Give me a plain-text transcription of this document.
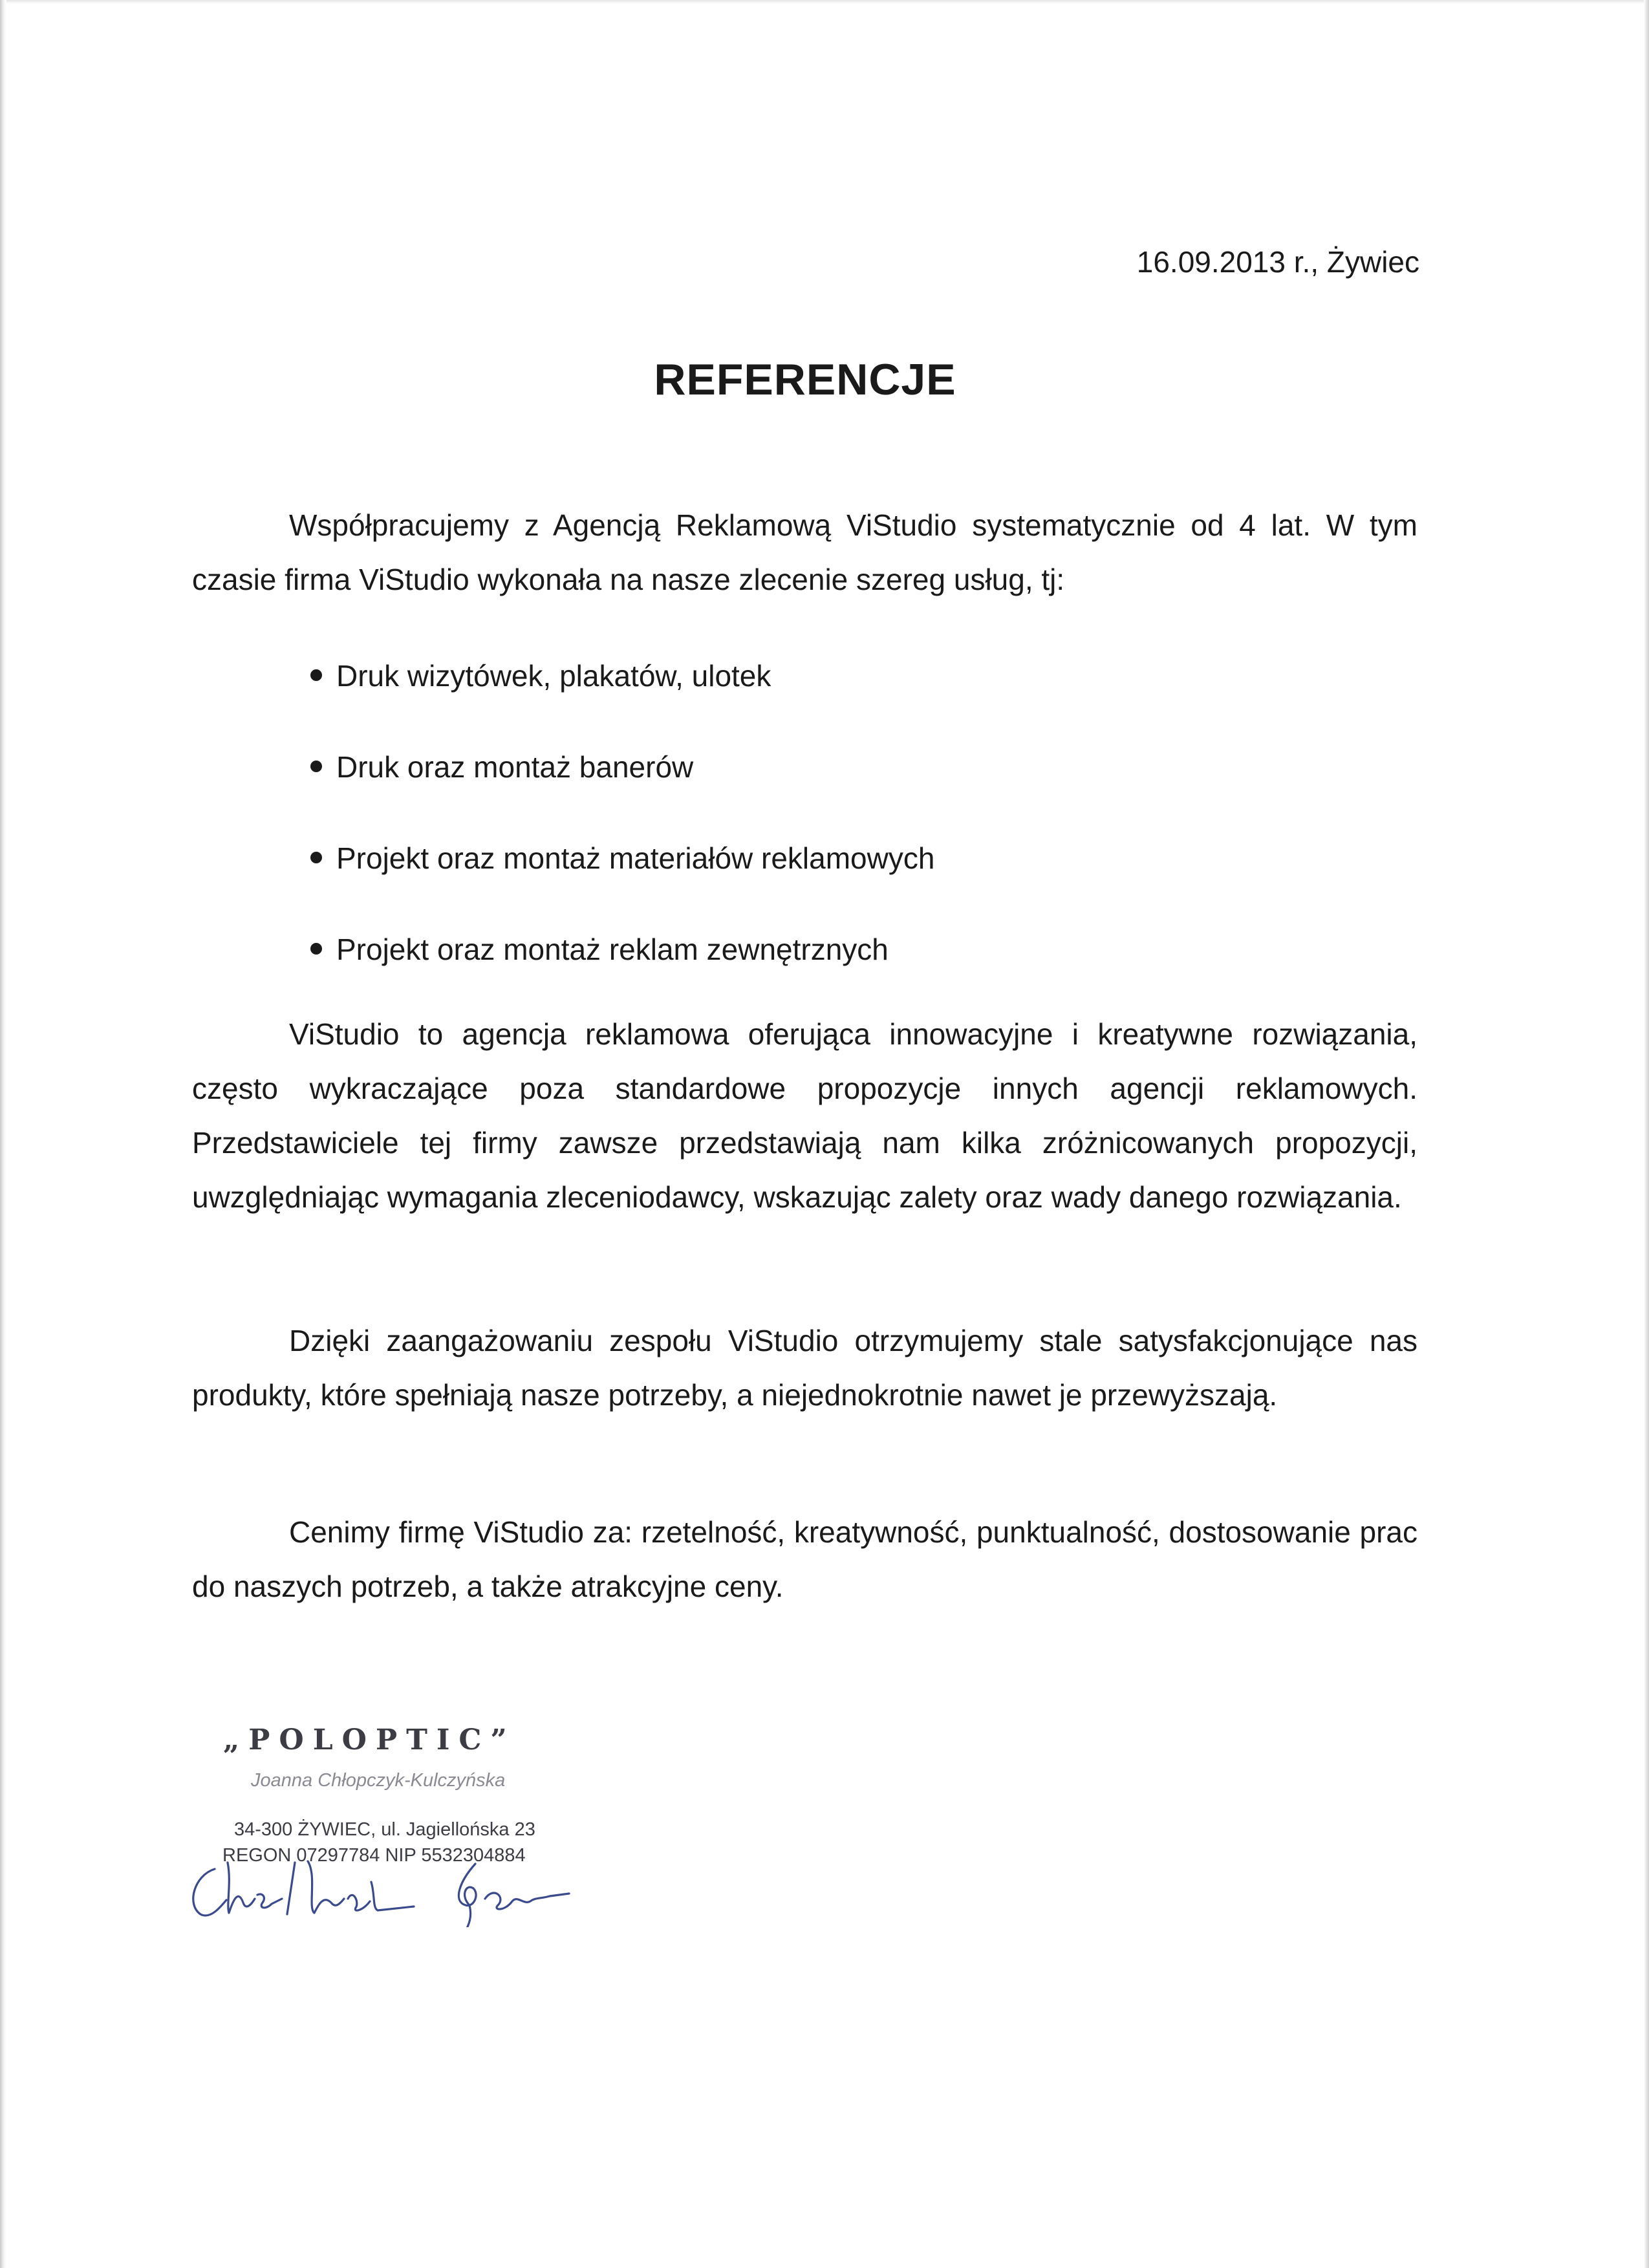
16.09.2013 r., Żywiec
REFERENCJE

Współpracujemy z Agencją Reklamową ViStudio systematycznie od 4 lat. W tym czasie firma ViStudio wykonała na nasze zlecenie szereg usług, tj:

Druk wizytówek, plakatów, ulotek
Druk oraz montaż banerów
Projekt oraz montaż materiałów reklamowych
Projekt oraz montaż reklam zewnętrznych

ViStudio to agencja reklamowa oferująca innowacyjne i kreatywne rozwiązania, często wykraczające poza standardowe propozycje innych agencji reklamowych. Przedstawiciele tej firmy zawsze przedstawiają nam kilka zróżnicowanych propozycji, uwzględniając wymagania zleceniodawcy, wskazując zalety oraz wady danego rozwiązania.

Dzięki zaangażowaniu zespołu ViStudio otrzymujemy stale satysfakcjonujące nas produkty, które spełniają nasze potrzeby, a niejednokrotnie nawet je przewyższają.

Cenimy firmę ViStudio za: rzetelność, kreatywność, punktualność, dostosowanie prac do naszych potrzeb, a także atrakcyjne ceny.

„POLOPTIC”
Joanna Chłopczyk-Kulczyńska
34-300 ŻYWIEC, ul. Jagiellońska 23
REGON 07297784 NIP 5532304884
